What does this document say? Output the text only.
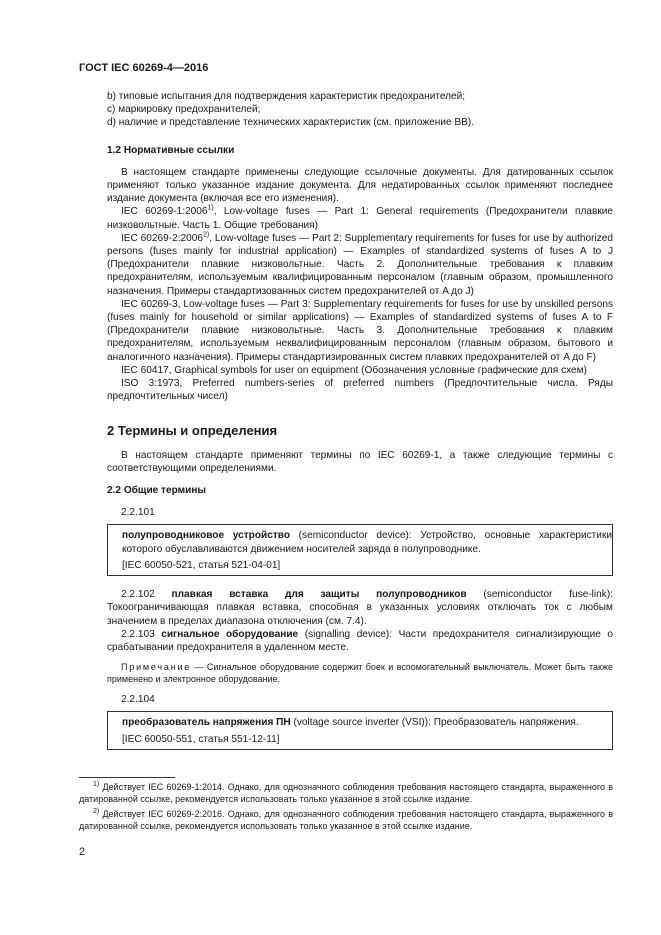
ГОСТ IEC 60269-4—2016

b) типовые испытания для подтверждения характеристик предохранителей;

c) маркировку предохранителей;

d) наличие и представление технических характеристик (см. приложение BB).

1.2 Нормативные ссылки

В настоящем стандарте применены следующие ссылочные документы. Для датированных ссылок применяют только указанное издание документа. Для недатированных ссылок применяют последнее издание документа (включая все его изменения).

IEC 60269-1:2006$^{1)}$, Low-voltage fuses — Part 1: General requirements (Предохранители плавкие низковольтные. Часть 1. Общие требования)

IEC 60269-2:2006$^{2)}$, Low-voltage fuses — Part 2: Supplementary requirements for fuses for use by authorized persons (fuses mainly for industrial application) — Examples of standardized systems of fuses A to J (Предохранители плавкие низковольтные. Часть 2. Дополнительные требования к плавким предохранителям, используемым квалифицированным персоналом (главным образом, промышленного назначения. Примеры стандартизованных систем предохранителей от A до J)

IEC 60269-3, Low-voltage fuses — Part 3: Supplementary requirements for fuses for use by unskilled persons (fuses mainly for household or similar applications) — Examples of standardized systems of fuses A to F (Предохранители плавкие низковольтные. Часть 3. Дополнительные требования к плавким предохранителям, используемым неквалифицированным персоналом (главным образом, бытового и аналогичного назначения). Примеры стандартизированных систем плавких предохранителей от A до F)

IEC 60417, Graphical symbols for user on equipment (Обозначения условные графические для схем)

ISO 3:1973, Preferred numbers-series of preferred numbers (Предпочтительные числа. Ряды предпочтительных чисел)

2 Термины и определения

В настоящем стандарте применяют термины по IEC 60269-1, а также следующие термины с соответствующими определениями.

2.2 Общие термины

2.2.101

полупроводниковое устройство (semiconductor device): Устройство, основные характеристики которого обуславливаются движением носителей заряда в полупроводнике.

[IEC 60050-521, статья 521-04-01]

2.2.102 плавкая вставка для защиты полупроводников (semiconductor fuse-link): Токоограничивающая плавкая вставка, способная в указанных условиях отключать ток с любым значением в пределах диапазона отключения (см. 7.4).

2.2.103 сигнальное оборудование (signalling device): Части предохранителя сигнализирующие о срабатывании предохранителя в удаленном месте.

Примечание — Сигнальное оборудование содержит боек и вспомогательный выключатель. Может быть также применено и электронное оборудование.

2.2.104

преобразователь напряжения ПН (voltage source inverter (VSI)): Преобразователь напряжения.

[IEC 60050-551, статья 551-12-11]

$^{1)}$ Действует IEC 60269-1:2014. Однако, для однозначного соблюдения требования настоящего стандарта, выраженного в датированной ссылке, рекомендуется использовать только указанное в этой ссылке издание.

$^{2)}$ Действует IEC 60269-2:2016. Однако, для однозначного соблюдения требования настоящего стандарта, выраженного в датированной ссылке, рекомендуется использовать только указанное в этой ссылке издание.

2
